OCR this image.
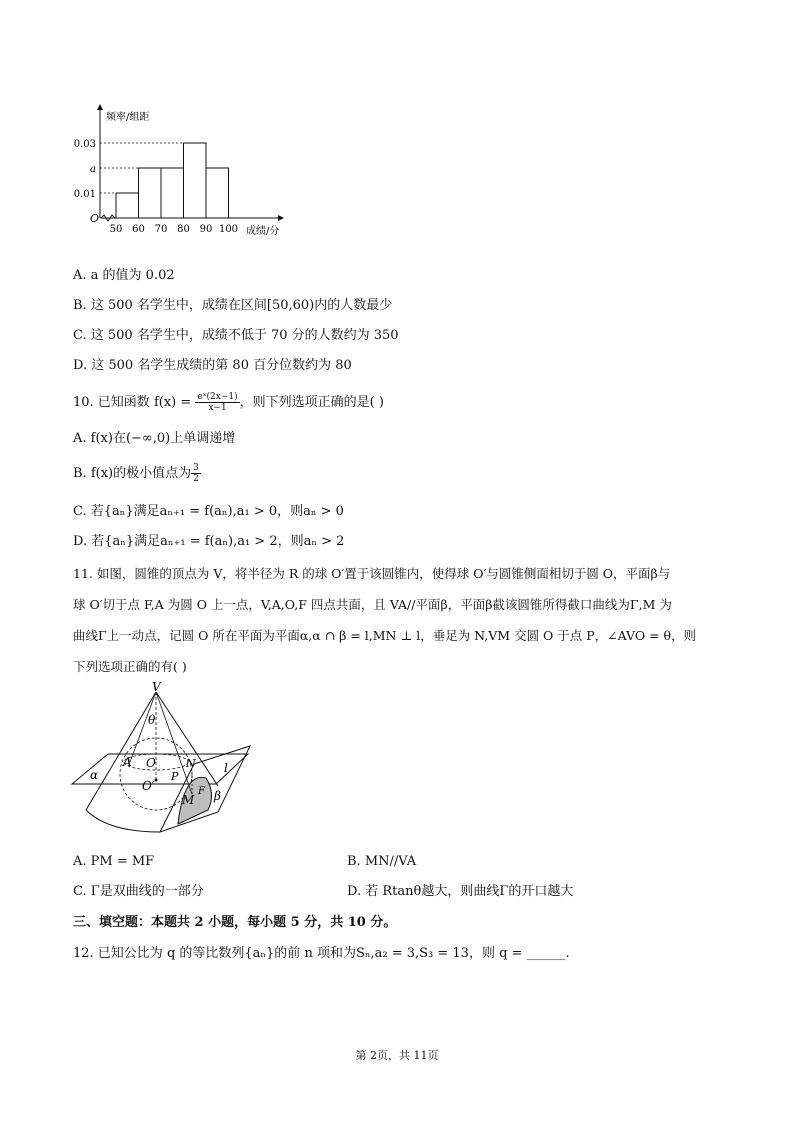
0.03
a
0.01
O
50 60 70 80 90 100
频率/组距
成绩/分
A. a 的值为 0.02
B. 这 500 名学生中，成绩在区间[50,60)内的人数最少
C. 这 500 名学生中，成绩不低于 70 分的人数约为 350
D. 这 500 名学生成绩的第 80 百分位数约为 80
10. 已知函数 $f(x) = \frac{\text{eˣ(2x−1)}}{x-1}$ ，则下列选项正确的是( )
A. f(x)在(−∞,0)上单调递增
B. f(x)的极小值点为 $\frac{3}{2}$
C. 若{aₙ}满足aₙ₊₁ = f(aₙ),a₁ > 0，则aₙ > 0
D. 若{aₙ}满足aₙ₊₁ = f(aₙ),a₁ > 2，则aₙ > 2
11. 如图，圆锥的顶点为 V，将半径为 R 的球 O′置于该圆锥内，使得球 O′与圆锥侧面相切于圆 O，平面β与
球 O′切于点 F,A 为圆 O 上一点，V,A,O,F 四点共面，且 VA//平面β，平面β截该圆锥所得截口曲线为Γ,M 为
曲线Γ上一动点，记圆 O 所在平面为平面α,α ∩ β = l,MN ⊥ l，垂足为 N,VM 交圆 O 于点 P，∠AVO = θ，则
下列选项正确的有( )
V
θ
A O
P
N l
α
O′	F
M β
A. PM = MF	B. MN//VA
C. Γ是双曲线的一部分	D. 若 Rtanθ越大，则曲线Γ的开口越大
三、填空题：本题共 2 小题，每小题 5 分，共 10 分。
12. 已知公比为 q 的等比数列{aₙ}的前 n 项和为Sₙ,a₂ = 3,S₃ = 13，则 q = ______.
第 2页，共 11页
